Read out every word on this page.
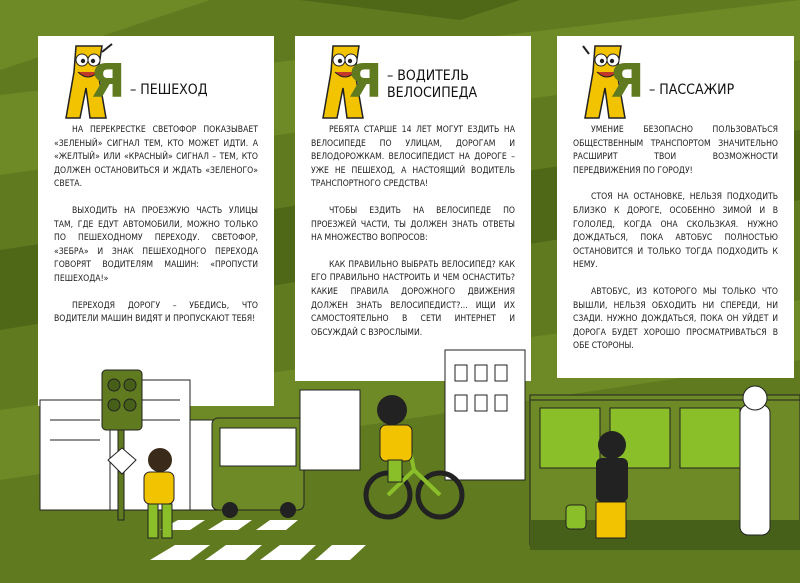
Я – ПЕШЕХОД

НА ПЕРЕКРЕСТКЕ СВЕТОФОР ПОКАЗЫВАЕТ «ЗЕЛЕНЫЙ» СИГНАЛ ТЕМ, КТО МОЖЕТ ИДТИ. А «ЖЕЛТЫЙ» ИЛИ «КРАСНЫЙ» СИГНАЛ – ТЕМ, КТО ДОЛЖЕН ОСТАНОВИТЬСЯ И ЖДАТЬ «ЗЕЛЕНОГО» СВЕТА.

ВЫХОДИТЬ НА ПРОЕЗЖУЮ ЧАСТЬ УЛИЦЫ ТАМ, ГДЕ ЕДУТ АВТОМОБИЛИ, МОЖНО ТОЛЬКО ПО ПЕШЕХОДНОМУ ПЕРЕХОДУ. СВЕТОФОР, «ЗЕБРА» И ЗНАК ПЕШЕХОДНОГО ПЕРЕХОДА ГОВОРЯТ ВОДИТЕЛЯМ МАШИН: «ПРОПУСТИ ПЕШЕХОДА!»

ПЕРЕХОДЯ ДОРОГУ – УБЕДИСЬ, ЧТО ВОДИТЕЛИ МАШИН ВИДЯТ И ПРОПУСКАЮТ ТЕБЯ!

Я – ВОДИТЕЛЬ
ВЕЛОСИПЕДА

РЕБЯТА СТАРШЕ 14 ЛЕТ МОГУТ ЕЗДИТЬ НА ВЕЛОСИПЕДЕ ПО УЛИЦАМ, ДОРОГАМ И ВЕЛОДОРОЖКАМ. ВЕЛОСИПЕДИСТ НА ДОРОГЕ – УЖЕ НЕ ПЕШЕХОД, А НАСТОЯЩИЙ ВОДИТЕЛЬ ТРАНСПОРТНОГО СРЕДСТВА!

ЧТОБЫ ЕЗДИТЬ НА ВЕЛОСИПЕДЕ ПО ПРОЕЗЖЕЙ ЧАСТИ, ТЫ ДОЛЖЕН ЗНАТЬ ОТВЕТЫ НА МНОЖЕСТВО ВОПРОСОВ:

КАК ПРАВИЛЬНО ВЫБРАТЬ ВЕЛОСИПЕД? КАК ЕГО ПРАВИЛЬНО НАСТРОИТЬ И ЧЕМ ОСНАСТИТЬ? КАКИЕ ПРАВИЛА ДОРОЖНОГО ДВИЖЕНИЯ ДОЛЖЕН ЗНАТЬ ВЕЛОСИПЕДИСТ?... ИЩИ ИХ САМОСТОЯТЕЛЬНО В СЕТИ ИНТЕРНЕТ И ОБСУЖДАЙ С ВЗРОСЛЫМИ.

Я – ПАССАЖИР

УМЕНИЕ БЕЗОПАСНО ПОЛЬЗОВАТЬСЯ ОБЩЕСТВЕННЫМ ТРАНСПОРТОМ ЗНАЧИТЕЛЬНО РАСШИРИТ ТВОИ ВОЗМОЖНОСТИ ПЕРЕДВИЖЕНИЯ ПО ГОРОДУ!

СТОЯ НА ОСТАНОВКЕ, НЕЛЬЗЯ ПОДХОДИТЬ БЛИЗКО К ДОРОГЕ, ОСОБЕННО ЗИМОЙ И В ГОЛОЛЕД, КОГДА ОНА СКОЛЬЗКАЯ. НУЖНО ДОЖДАТЬСЯ, ПОКА АВТОБУС ПОЛНОСТЬЮ ОСТАНОВИТСЯ И ТОЛЬКО ТОГДА ПОДХОДИТЬ К НЕМУ.

АВТОБУС, ИЗ КОТОРОГО МЫ ТОЛЬКО ЧТО ВЫШЛИ, НЕЛЬЗЯ ОБХОДИТЬ НИ СПЕРЕДИ, НИ СЗАДИ. НУЖНО ДОЖДАТЬСЯ, ПОКА ОН УЙДЕТ И ДОРОГА БУДЕТ ХОРОШО ПРОСМАТРИВАТЬСЯ В ОБЕ СТОРОНЫ.
